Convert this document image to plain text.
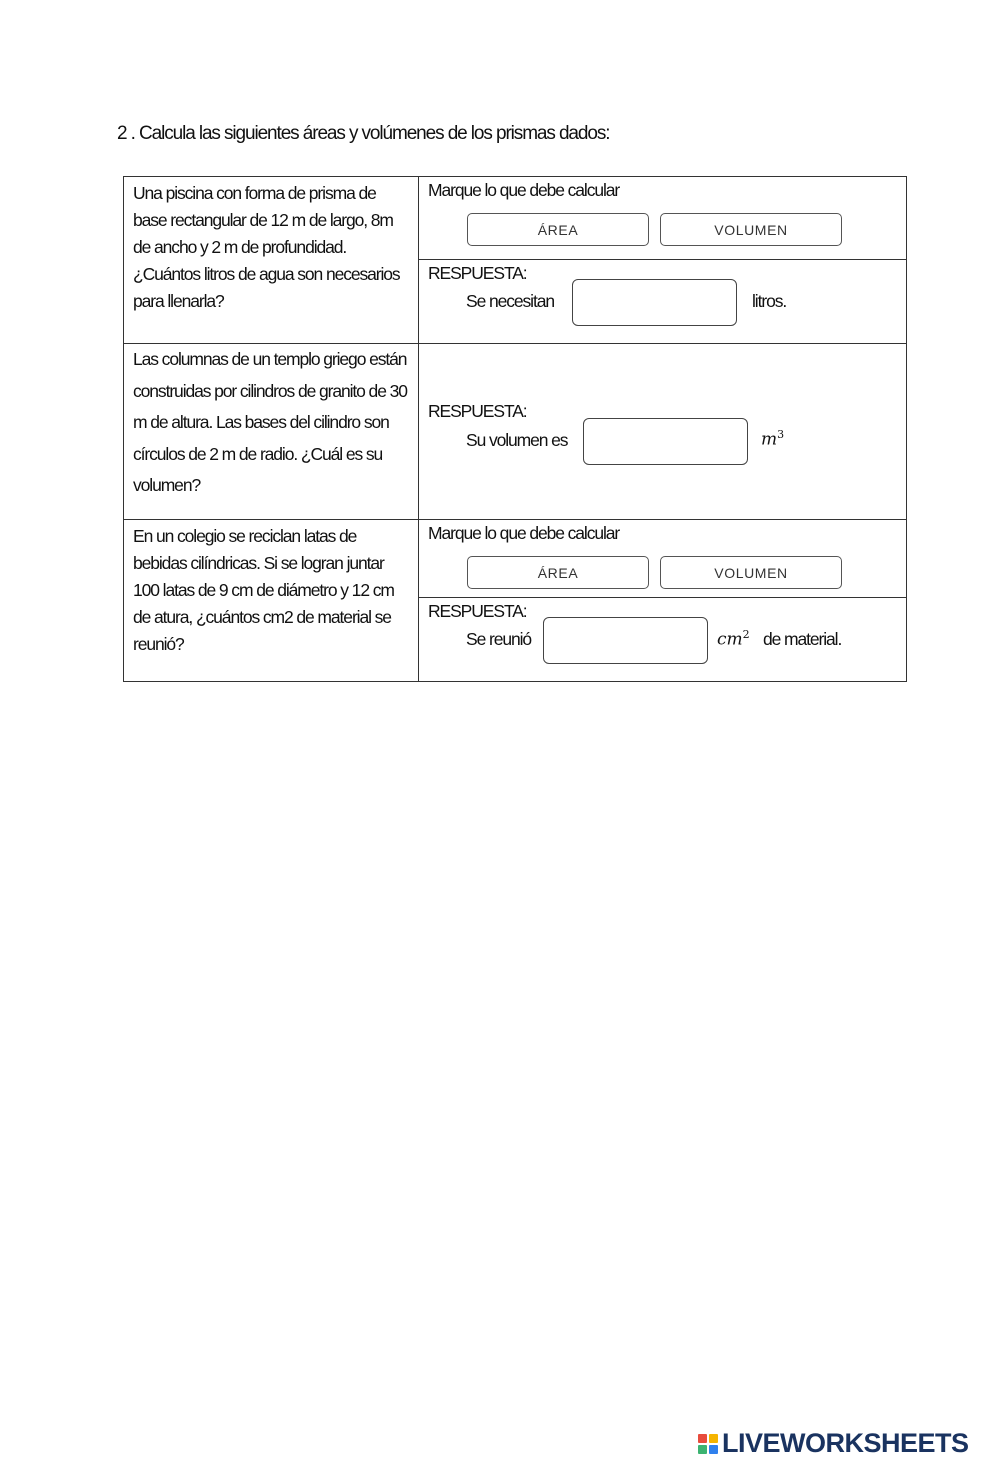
2 . Calcula las siguientes áreas y volúmenes de los prismas dados:
Una piscina con forma de prisma de base rectangular de 12 m de largo, 8m de ancho y 2 m de profundidad. ¿Cuántos litros de agua son necesarios para llenarla?
Marque lo que debe calcular
ÁREA	VOLUMEN
RESPUESTA:
Se necesitan	litros.
Las columnas de un templo griego están construidas por cilindros de granito de 30 m de altura. Las bases del cilindro son círculos de 2 m de radio. ¿Cuál es su volumen?
RESPUESTA:
Su volumen es	$m^3$
En un colegio se reciclan latas de bebidas cilíndricas. Si se logran juntar 100 latas de 9 cm de diámetro y 12 cm de atura, ¿cuántos cm2 de material se reunió?
Marque lo que debe calcular
ÁREA	VOLUMEN
RESPUESTA:
Se reunió	$cm^2$ de material.
LIVEWORKSHEETS
